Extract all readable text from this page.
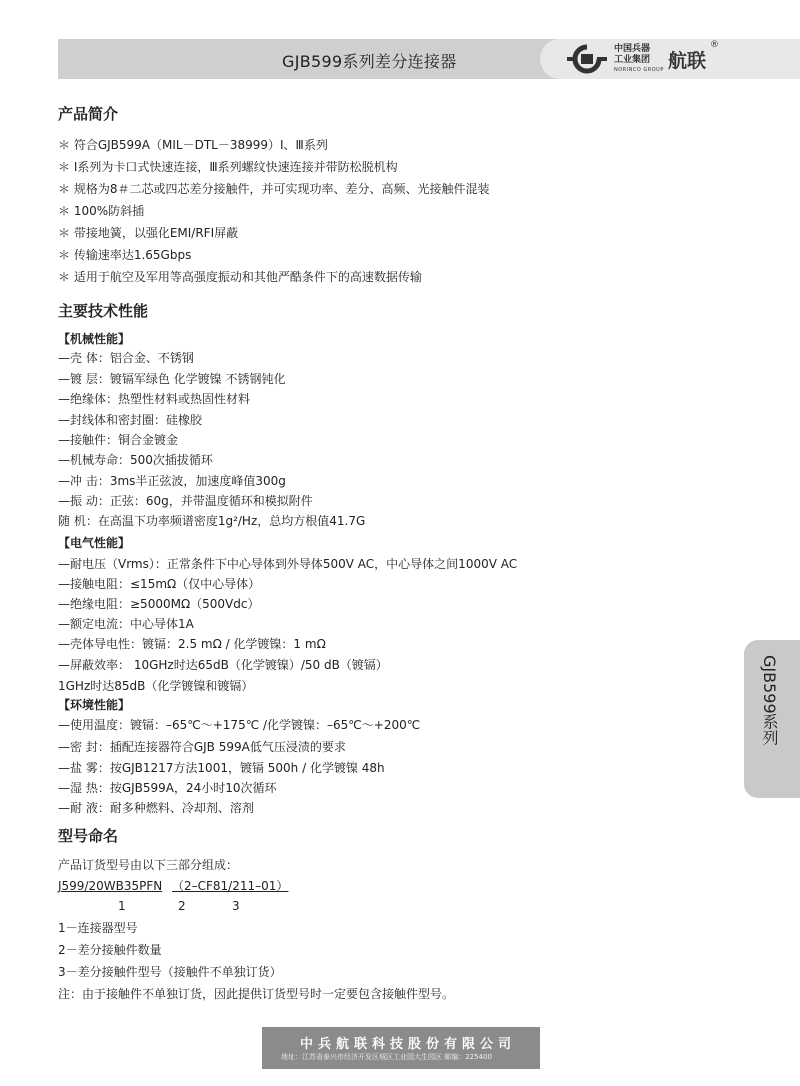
GJB599系列差分连接器
中国兵器
工业集团
NORINCO GROUP 航联
®
产品简介
＊ 符合GJB599A（MIL－DTL－38999）Ⅰ、Ⅲ系列
＊ Ⅰ系列为卡口式快速连接，Ⅲ系列螺纹快速连接并带防松脱机构
＊ 规格为8＃二芯或四芯差分接触件，并可实现功率、差分、高频、光接触件混装
＊ 100%防斜插
＊ 带接地簧，以强化EMI/RFI屏蔽
＊ 传输速率达1.65Gbps
＊ 适用于航空及军用等高强度振动和其他严酷条件下的高速数据传输
主要技术性能
【机械性能】
—壳 体：铝合金、不锈钢
—镀 层：镀镉军绿色 化学镀镍 不锈钢钝化
—绝缘体：热塑性材料或热固性材料
—封线体和密封圈：硅橡胶
—接触件：铜合金镀金
—机械寿命：500次插拔循环
—冲 击：3ms半正弦波，加速度峰值300g
—振 动：正弦：60g，并带温度循环和模拟附件
随 机：在高温下功率频谱密度1g²/Hz，总均方根值41.7G
【电气性能】
—耐电压（Vrms）：正常条件下中心导体到外导体500V AC，中心导体之间1000V AC
—接触电阻：≤15mΩ（仅中心导体）
—绝缘电阻：≥5000MΩ（500Vdc）
—额定电流：中心导体1A
—壳体导电性：镀镉：2.5 mΩ / 化学镀镍：1 mΩ
—屏蔽效率： 10GHz时达65dB（化学镀镍）/50 dB（镀镉）
1GHz时达85dB（化学镀镍和镀镉）
【环境性能】
—使用温度：镀镉：–65℃～+175℃ /化学镀镍：–65℃～+200℃
—密 封：插配连接器符合GJB 599A低气压浸渍的要求
—盐 雾：按GJB1217方法1001，镀镉 500h / 化学镀镍 48h
—湿 热：按GJB599A，24小时10次循环
—耐 液：耐多种燃料、冷却剂、溶剂
型号命名
产品订货型号由以下三部分组成：
J599/20WB35PFN （2–CF81/211–01）
1	2	3
1－连接器型号
2－差分接触件数量
3－差分接触件型号（接触件不单独订货）
注：由于接触件不单独订货，因此提供订货型号时一定要包含接触件型号。
GJB599系列
中兵航联科技股份有限公司
地址：江苏省泰兴市经济开发区城区工业园大生园区 邮编：225400
